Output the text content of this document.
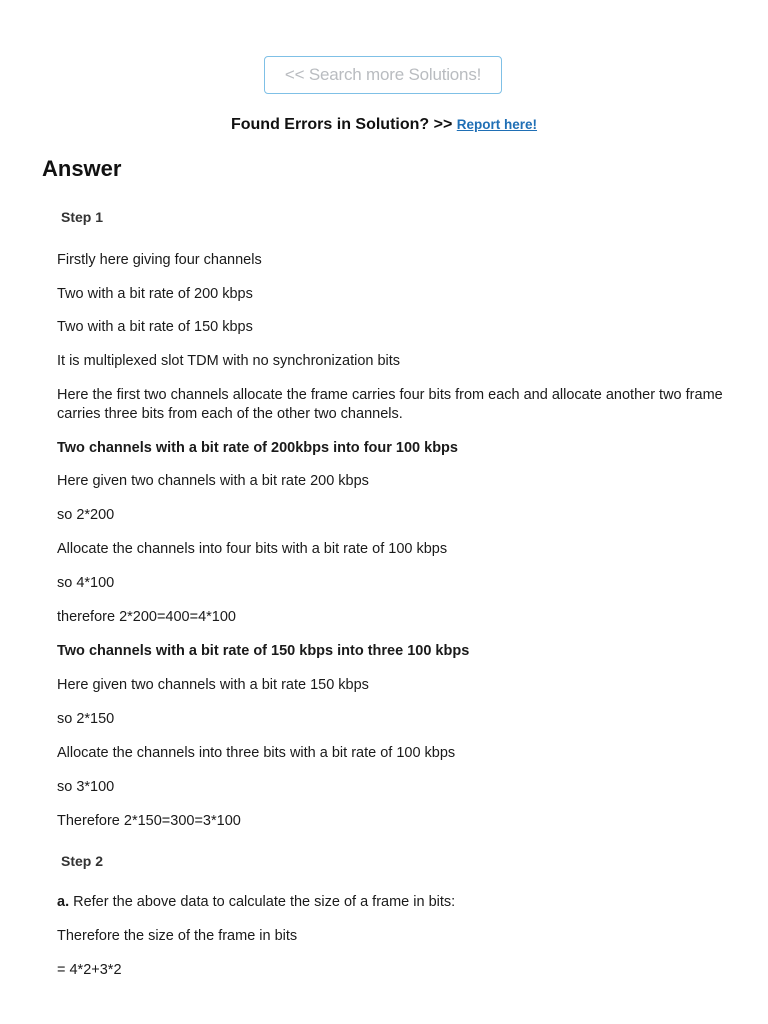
<< Search more Solutions!
Found Errors in Solution? >> Report here!
Answer
Step 1
Firstly here giving four channels
Two with a bit rate of 200 kbps
Two with a bit rate of 150 kbps
It is multiplexed slot TDM with no synchronization bits
Here the first two channels allocate the frame carries four bits from each and allocate another two frame carries three bits from each of the other two channels.
Two channels with a bit rate of 200kbps into four 100 kbps
Here given two channels with a bit rate 200 kbps
so 2*200
Allocate the channels into four bits with a bit rate of 100 kbps
so 4*100
therefore 2*200=400=4*100
Two channels with a bit rate of 150 kbps into three 100 kbps
Here given two channels with a bit rate 150 kbps
so 2*150
Allocate the channels into three bits with a bit rate of 100 kbps
so 3*100
Therefore 2*150=300=3*100
Step 2
a. Refer the above data to calculate the size of a frame in bits:
Therefore the size of the frame in bits
= 4*2+3*2
